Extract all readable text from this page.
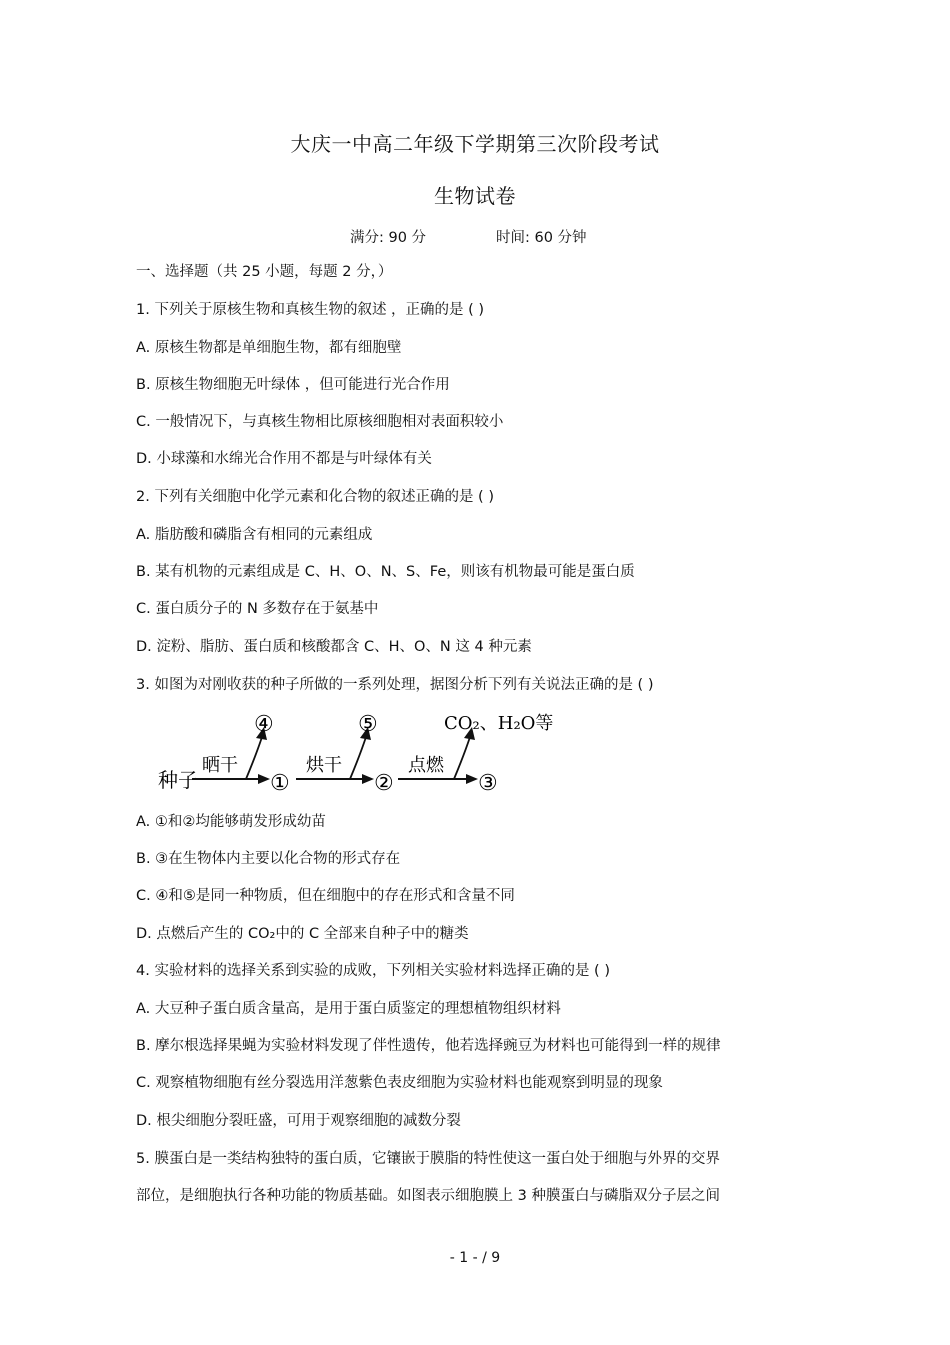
大庆一中高二年级下学期第三次阶段考试
生物试卷
满分: 90 分	时间: 60 分钟
一、选择题（共 25 小题，每题 2 分，）
1. 下列关于原核生物和真核生物的叙述 ，正确的是 ( )
A. 原核生物都是单细胞生物，都有细胞壁
B. 原核生物细胞无叶绿体 ，但可能进行光合作用
C. 一般情况下，与真核生物相比原核细胞相对表面积较小
D. 小球藻和水绵光合作用不都是与叶绿体有关
2. 下列有关细胞中化学元素和化合物的叙述正确的是 ( )
A. 脂肪酸和磷脂含有相同的元素组成
B. 某有机物的元素组成是 C、H、O、N、S、Fe，则该有机物最可能是蛋白质
C. 蛋白质分子的 N 多数存在于氨基中
D. 淀粉、脂肪、蛋白质和核酸都含 C、H、O、N 这 4 种元素
3. 如图为对刚收获的种子所做的一系列处理，据图分析下列有关说法正确的是 ( )
种子
晒干
④
①
烘干
⑤
②
点燃
CO₂、H₂O等
③
A. ①和②均能够萌发形成幼苗
B. ③在生物体内主要以化合物的形式存在
C. ④和⑤是同一种物质，但在细胞中的存在形式和含量不同
D. 点燃后产生的 CO₂中的 C 全部来自种子中的糖类
4. 实验材料的选择关系到实验的成败，下列相关实验材料选择正确的是 ( )
A. 大豆种子蛋白质含量高，是用于蛋白质鉴定的理想植物组织材料
B. 摩尔根选择果蝇为实验材料发现了伴性遗传，他若选择豌豆为材料也可能得到一样的规律
C. 观察植物细胞有丝分裂选用洋葱紫色表皮细胞为实验材料也能观察到明显的现象
D. 根尖细胞分裂旺盛，可用于观察细胞的减数分裂
5. 膜蛋白是一类结构独特的蛋白质，它镶嵌于膜脂的特性使这一蛋白处于细胞与外界的交界
部位，是细胞执行各种功能的物质基础。如图表示细胞膜上 3 种膜蛋白与磷脂双分子层之间
- 1 - / 9
